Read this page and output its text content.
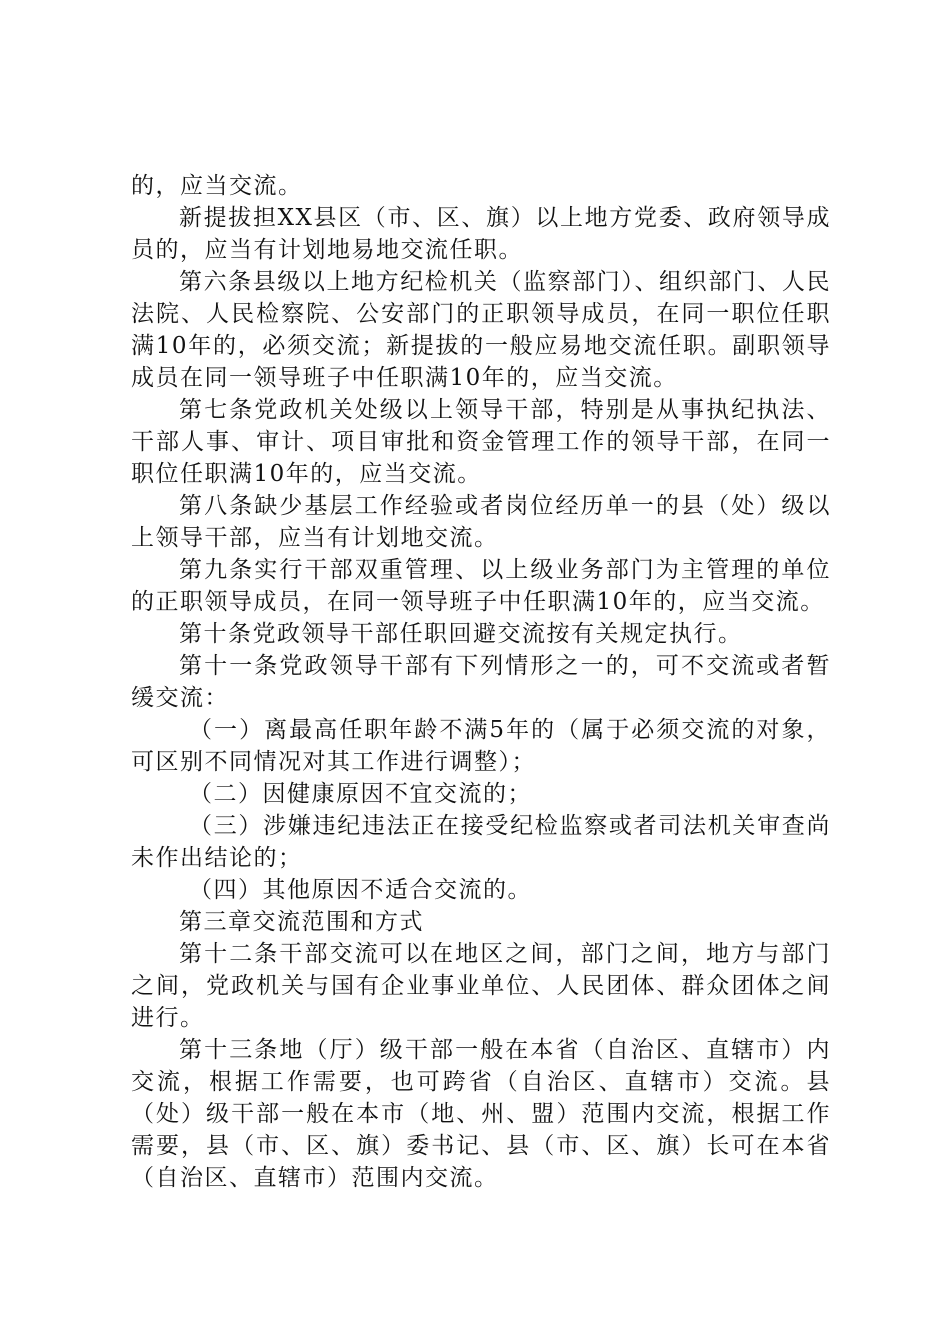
的，应当交流。

新提拔担XX县区（市、区、旗）以上地方党委、政府领导成员的，应当有计划地易地交流任职。

第六条县级以上地方纪检机关（监察部门）、组织部门、人民法院、人民检察院、公安部门的正职领导成员，在同一职位任职满10年的，必须交流；新提拔的一般应易地交流任职。副职领导成员在同一领导班子中任职满10年的，应当交流。

第七条党政机关处级以上领导干部，特别是从事执纪执法、干部人事、审计、项目审批和资金管理工作的领导干部，在同一职位任职满10年的，应当交流。

第八条缺少基层工作经验或者岗位经历单一的县（处）级以上领导干部，应当有计划地交流。

第九条实行干部双重管理、以上级业务部门为主管理的单位的正职领导成员，在同一领导班子中任职满10年的，应当交流。

第十条党政领导干部任职回避交流按有关规定执行。

第十一条党政领导干部有下列情形之一的，可不交流或者暂缓交流：

（一）离最高任职年龄不满5年的（属于必须交流的对象，可区别不同情况对其工作进行调整）；

（二）因健康原因不宜交流的；

（三）涉嫌违纪违法正在接受纪检监察或者司法机关审查尚未作出结论的；

（四）其他原因不适合交流的。

第三章交流范围和方式

第十二条干部交流可以在地区之间，部门之间，地方与部门之间，党政机关与国有企业事业单位、人民团体、群众团体之间进行。

第十三条地（厅）级干部一般在本省（自治区、直辖市）内交流，根据工作需要，也可跨省（自治区、直辖市）交流。县（处）级干部一般在本市（地、州、盟）范围内交流，根据工作需要，县（市、区、旗）委书记、县（市、区、旗）长可在本省（自治区、直辖市）范围内交流。
